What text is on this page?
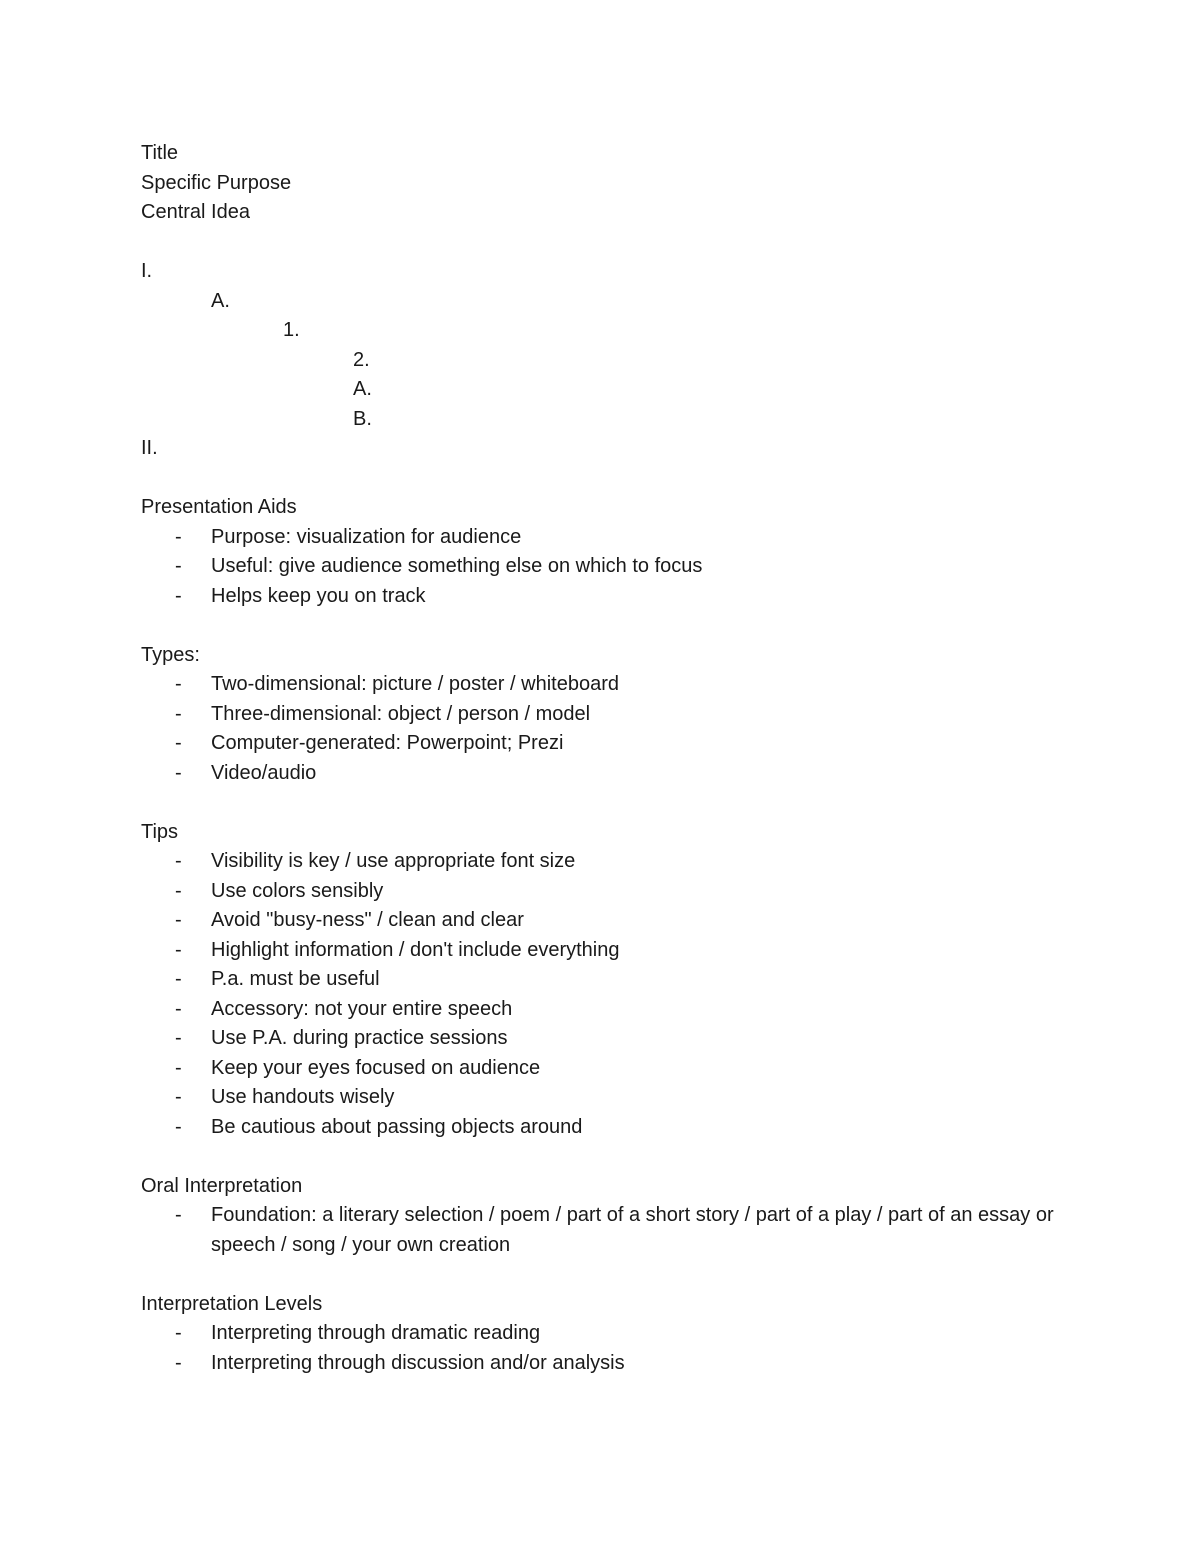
Title
Specific Purpose
Central Idea
I.
A.
1.
2.
A.
B.
II.
Presentation Aids
- Purpose: visualization for audience
- Useful: give audience something else on which to focus
- Helps keep you on track
Types:
- Two-dimensional: picture / poster / whiteboard
- Three-dimensional: object / person / model
- Computer-generated: Powerpoint; Prezi
- Video/audio
Tips
- Visibility is key / use appropriate font size
- Use colors sensibly
- Avoid "busy-ness" / clean and clear
- Highlight information / don't include everything
- P.a. must be useful
- Accessory: not your entire speech
- Use P.A. during practice sessions
- Keep your eyes focused on audience
- Use handouts wisely
- Be cautious about passing objects around
Oral Interpretation
- Foundation: a literary selection / poem / part of a short story / part of a play / part of an essay or speech / song / your own creation
Interpretation Levels
- Interpreting through dramatic reading
- Interpreting through discussion and/or analysis
